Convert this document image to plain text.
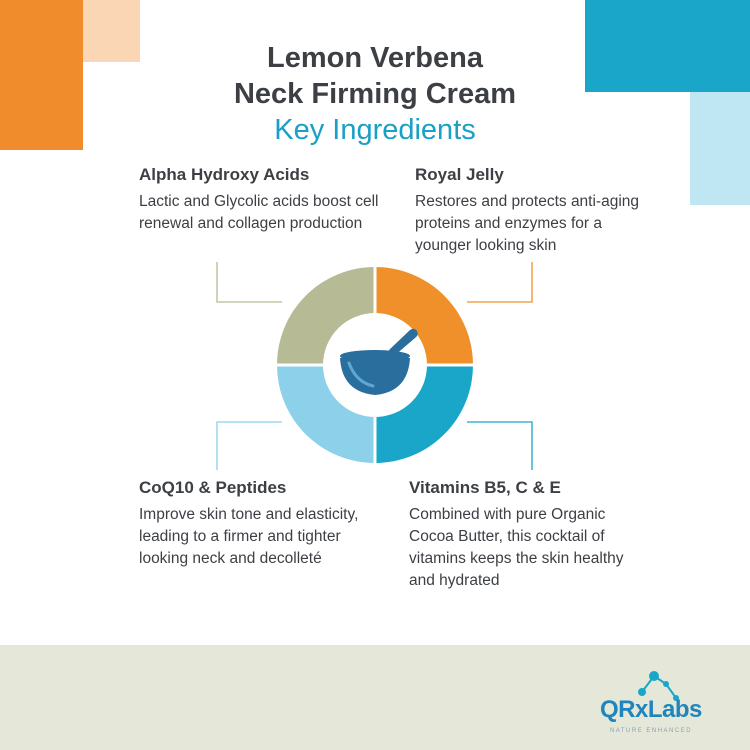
Lemon Verbena
Neck Firming Cream
Key Ingredients
Alpha Hydroxy Acids
Lactic and Glycolic acids boost cell renewal and collagen production
Royal Jelly
Restores and protects anti-aging proteins and enzymes for a younger looking skin
CoQ10 & Peptides
Improve skin tone and elasticity, leading to a firmer and tighter looking neck and decolleté
Vitamins B5, C & E
Combined with pure Organic Cocoa Butter, this cocktail of vitamins keeps the skin healthy and hydrated
QRxLabs
NATURE ENHANCED
